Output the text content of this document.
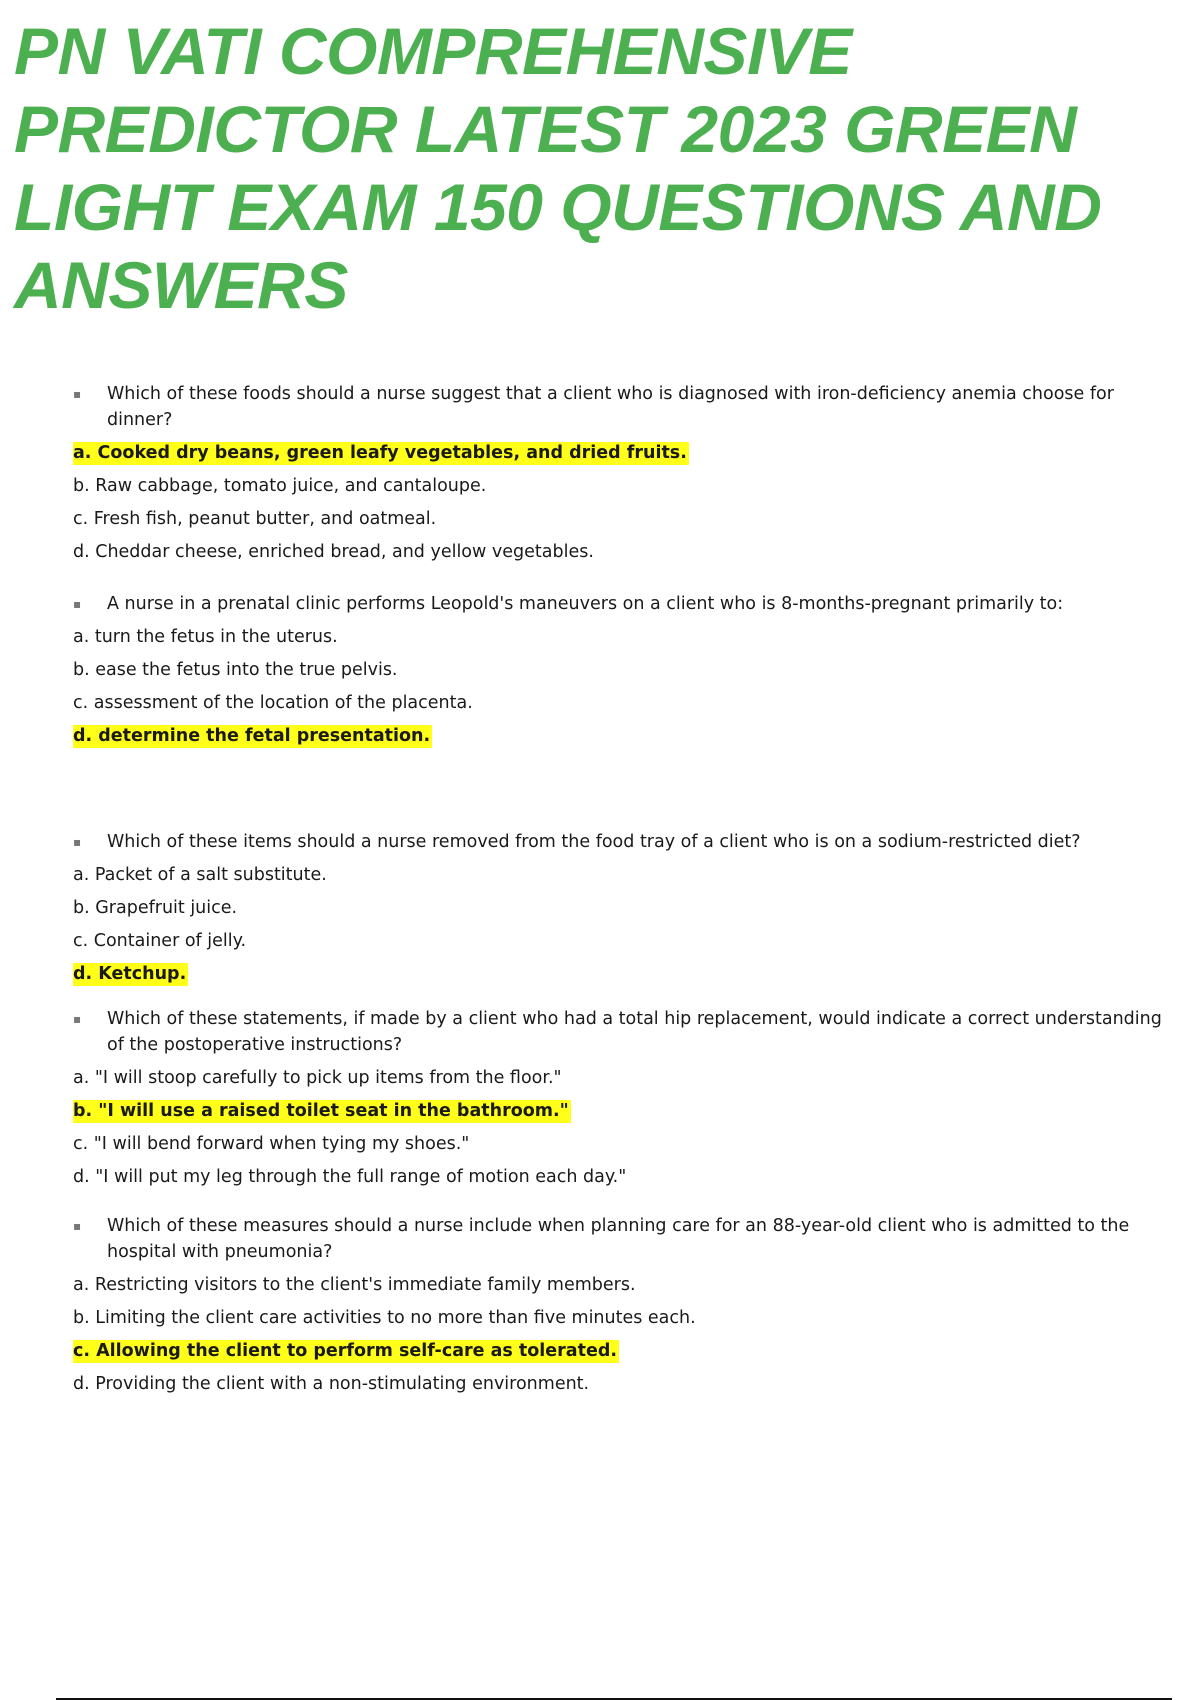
PN VATI COMPREHENSIVE PREDICTOR LATEST 2023 GREEN LIGHT EXAM 150 QUESTIONS AND ANSWERS

▪ Which of these foods should a nurse suggest that a client who is diagnosed with iron-deficiency anemia choose for dinner?

a. Cooked dry beans, green leafy vegetables, and dried fruits.
b. Raw cabbage, tomato juice, and cantaloupe.
c. Fresh fish, peanut butter, and oatmeal.
d. Cheddar cheese, enriched bread, and yellow vegetables.

▪ A nurse in a prenatal clinic performs Leopold's maneuvers on a client who is 8-months-pregnant primarily to:

a. turn the fetus in the uterus.
b. ease the fetus into the true pelvis.
c. assessment of the location of the placenta.
d. determine the fetal presentation.

▪ Which of these items should a nurse removed from the food tray of a client who is on a sodium-restricted diet?

a. Packet of a salt substitute.
b. Grapefruit juice.
c. Container of jelly.
d. Ketchup.

▪ Which of these statements, if made by a client who had a total hip replacement, would indicate a correct understanding of the postoperative instructions?

a. "I will stoop carefully to pick up items from the floor."
b. "I will use a raised toilet seat in the bathroom."
c. "I will bend forward when tying my shoes."
d. "I will put my leg through the full range of motion each day."

▪ Which of these measures should a nurse include when planning care for an 88-year-old client who is admitted to the hospital with pneumonia?

a. Restricting visitors to the client's immediate family members.
b. Limiting the client care activities to no more than five minutes each.
c. Allowing the client to perform self-care as tolerated.
d. Providing the client with a non-stimulating environment.
